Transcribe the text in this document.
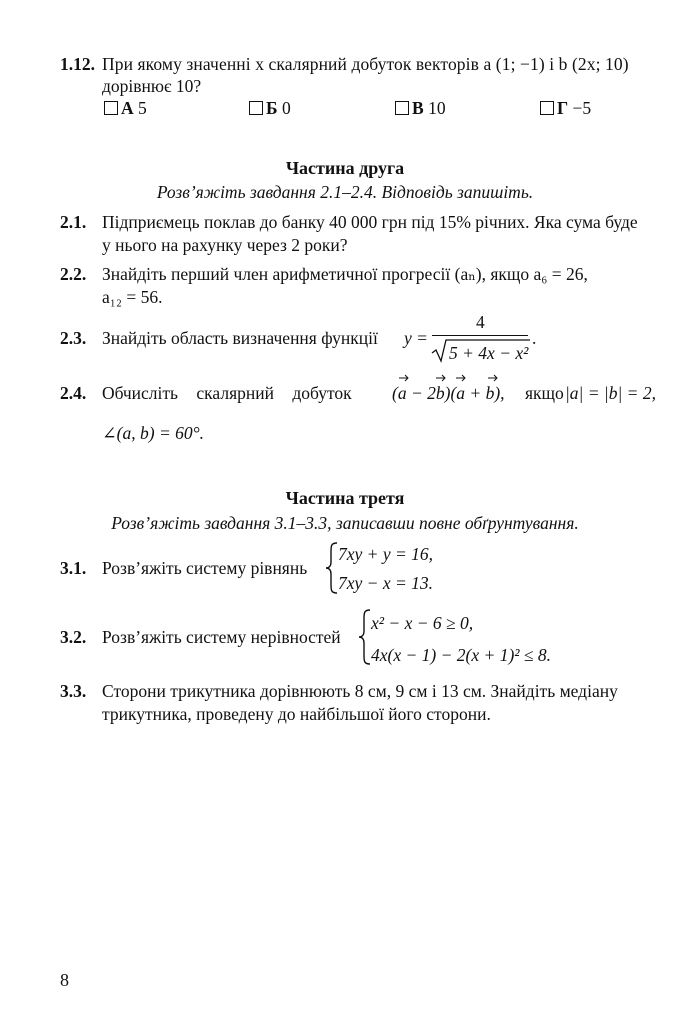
1.12. При якому значенні x скалярний добуток векторів a (1; −1) і b (2x; 10)
дорівнює 10?
А 5	Б 0	В 10	Г −5
Частина друга
Розв’яжіть завдання 2.1–2.4. Відповідь запишіть.
2.1. Підприємець поклав до банку 40 000 грн під 15% річних. Яка сума буде
у нього на рахунку через 2 роки?
2.2. Знайдіть перший член арифметичної прогресії (aₙ), якщо a₆ = 26,
a₁₂ = 56.
2.3. Знайдіть область визначення функції y =
4
5 + 4x − x²
.
2.4. Обчисліть скалярний добуток (a − 2b)(a + b), якщо |a| = |b| = 2,
∠(a, b) = 60°.
Частина третя
Розв’яжіть завдання 3.1–3.3, записавши повне обґрунтування.
3.1. Розв’яжіть систему рівнянь
7xy + y = 16,
7xy − x = 13.
3.2. Розв’яжіть систему нерівностей
x² − x − 6 ≥ 0,
4x(x − 1) − 2(x + 1)² ≤ 8.
3.3. Сторони трикутника дорівнюють 8 см, 9 см і 13 см. Знайдіть медіану
трикутника, проведену до найбільшої його сторони.
8
